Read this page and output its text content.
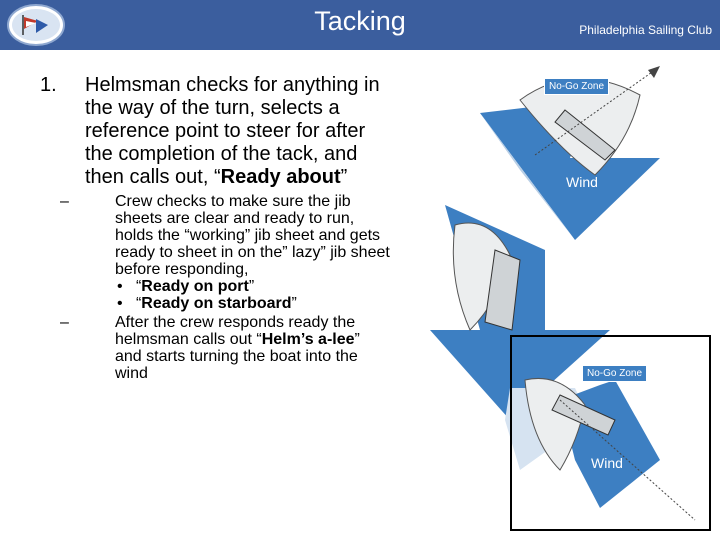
Tacking	Philadelphia Sailing Club
1.	Helmsman checks for anything in the way of the turn, selects a reference point to steer for after the completion of the tack, and then calls out, “Ready about”
–	Crew checks to make sure the jib sheets are clear and ready to run, holds the “working” jib sheet and gets ready to sheet in on the” lazy” jib sheet before responding,
• “Ready on port”
• “Ready on starboard”
–	After the crew responds ready the helmsman calls out “Helm’s a-lee” and starts turning the boat into the wind
No-Go Zone
Wind
No-Go Zone
Wind
